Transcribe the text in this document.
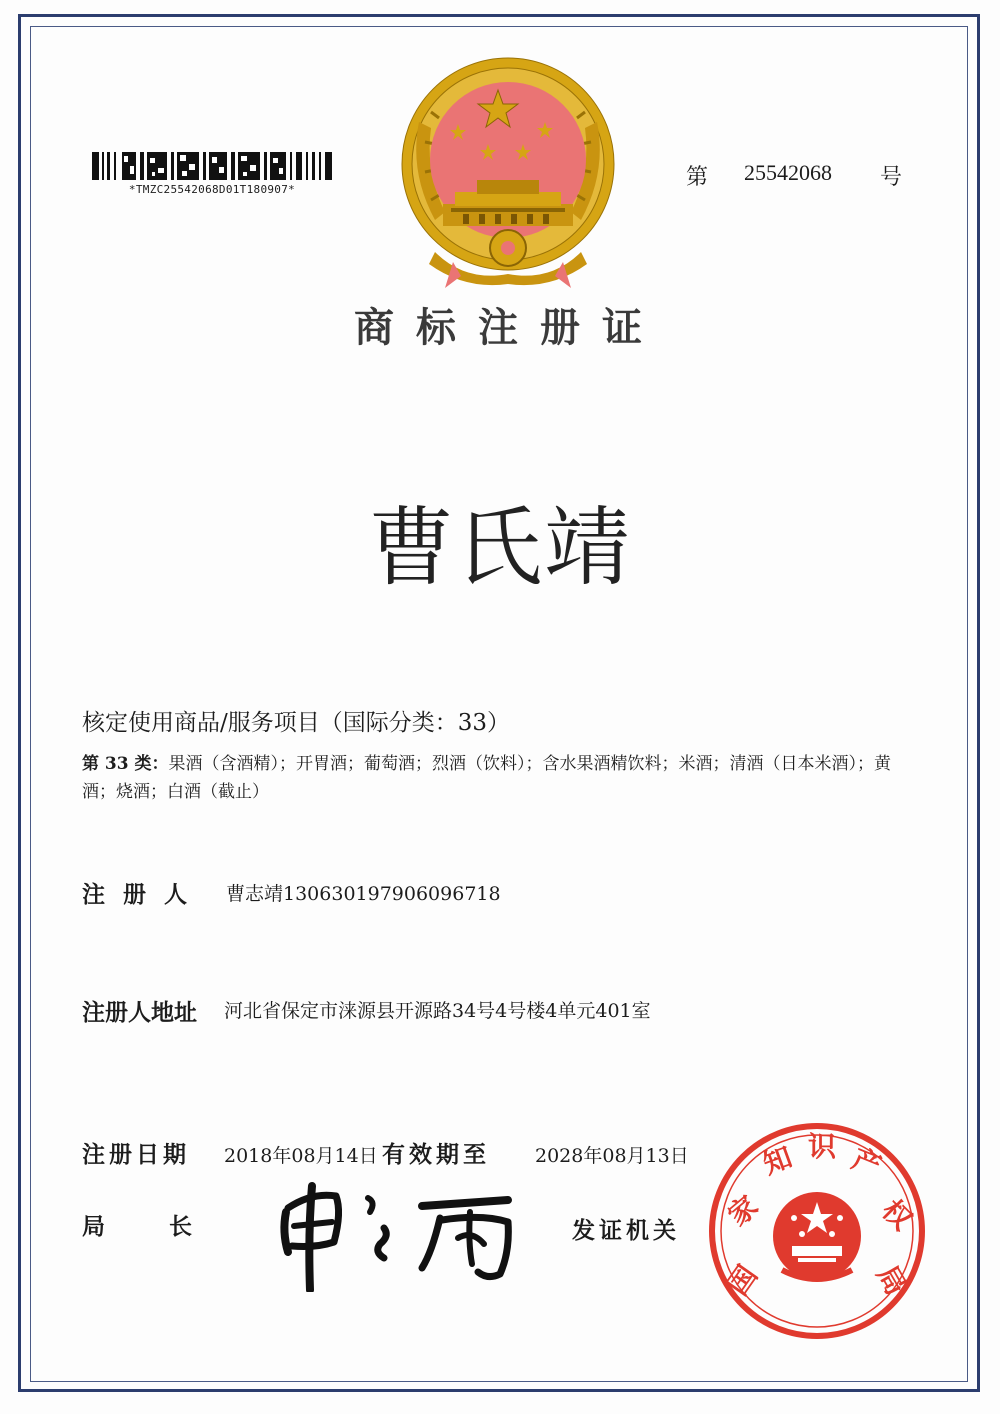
*TMZC25542068D01T180907*	第 25542068 号
商标注册证
曹氏靖
核定使用商品/服务项目（国际分类：33）
第 33 类：果酒（含酒精）；开胃酒；葡萄酒；烈酒（饮料）；含水果酒精饮料；米酒；清酒（日本米酒）；黄酒；烧酒；白酒（截止）
注册人 曹志靖130630197906096718
注册人地址 河北省保定市涞源县开源路34号4号楼4单元401室
注册日期 2018年08月14日 有效期至 2028年08月13日
局长	发证机关
国
家
知 识 产
权
局
